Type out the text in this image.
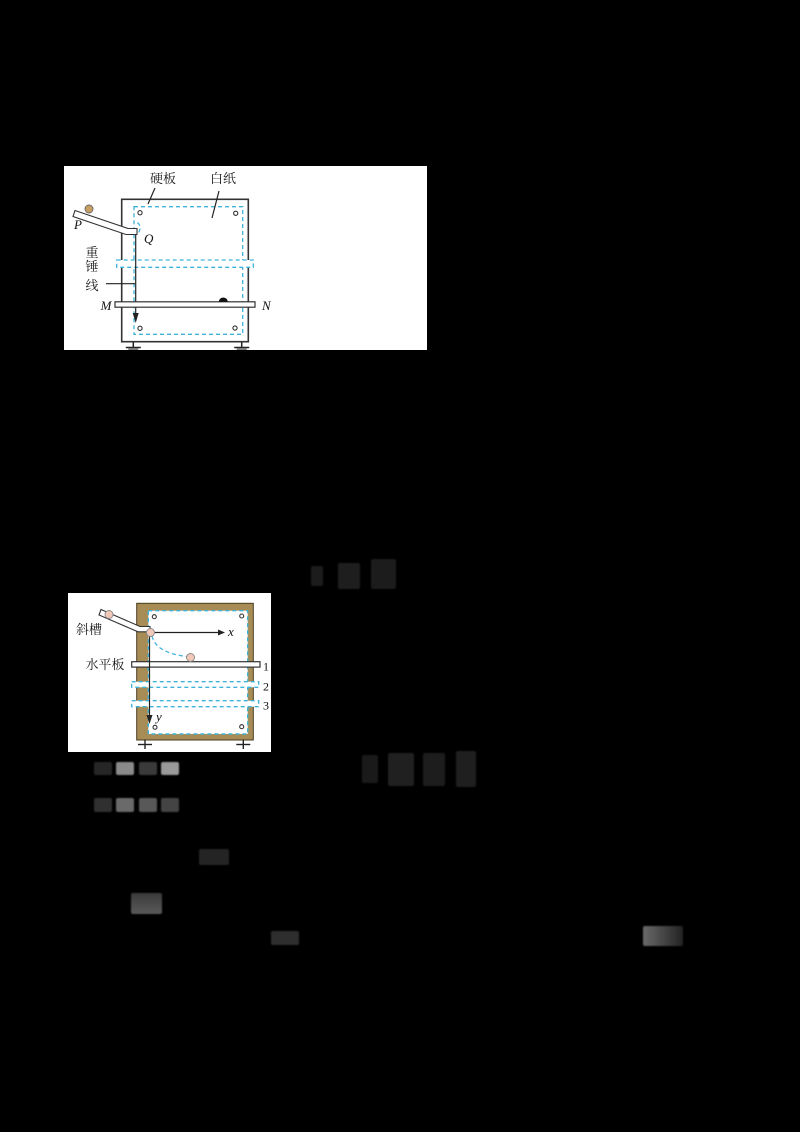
硬板	白纸
P
Q
重
锤
线
M	N
y
x
斜槽
水平板	1
2
3
